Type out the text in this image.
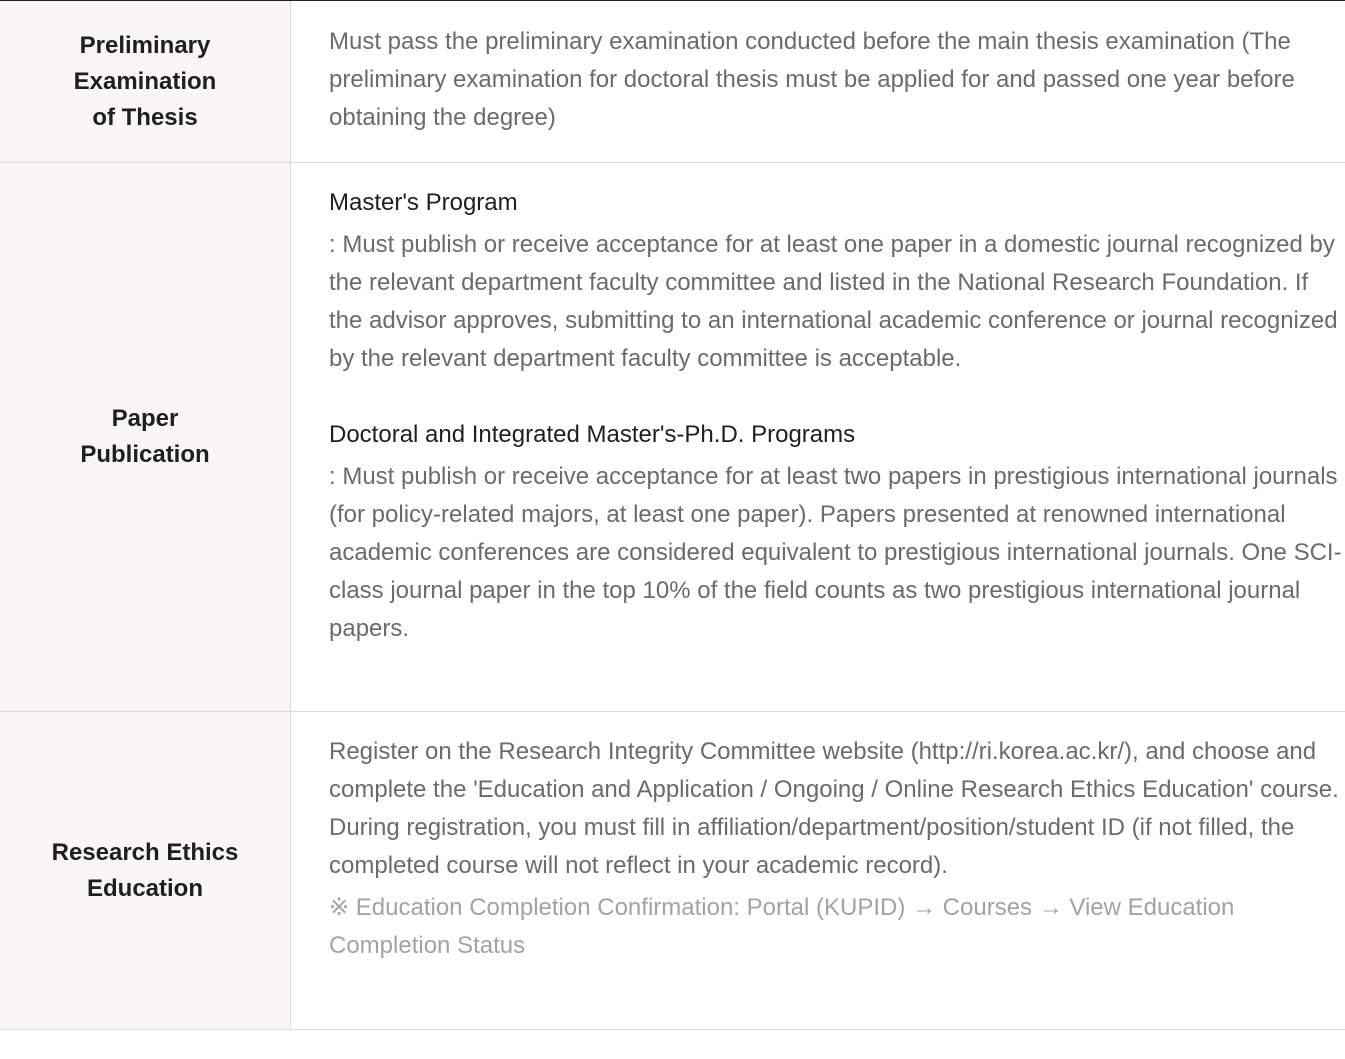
Preliminary
Examination
of Thesis

Must pass the preliminary examination conducted before the main thesis examination (The preliminary examination for doctoral thesis must be applied for and passed one year before obtaining the degree)

Paper
Publication

Master's Program

: Must publish or receive acceptance for at least one paper in a domestic journal recognized by the relevant department faculty committee and listed in the National Research Foundation. If the advisor approves, submitting to an international academic conference or journal recognized by the relevant department faculty committee is acceptable.

Doctoral and Integrated Master's-Ph.D. Programs

: Must publish or receive acceptance for at least two papers in prestigious international journals (for policy-related majors, at least one paper). Papers presented at renowned international academic conferences are considered equivalent to prestigious international journals. One SCI-class journal paper in the top 10% of the field counts as two prestigious international journal papers.

Research Ethics
Education

Register on the Research Integrity Committee website (http://ri.korea.ac.kr/), and choose and complete the 'Education and Application / Ongoing / Online Research Ethics Education' course. During registration, you must fill in affiliation/department/position/student ID (if not filled, the completed course will not reflect in your academic record).

※ Education Completion Confirmation: Portal (KUPID) → Courses → View Education Completion Status
